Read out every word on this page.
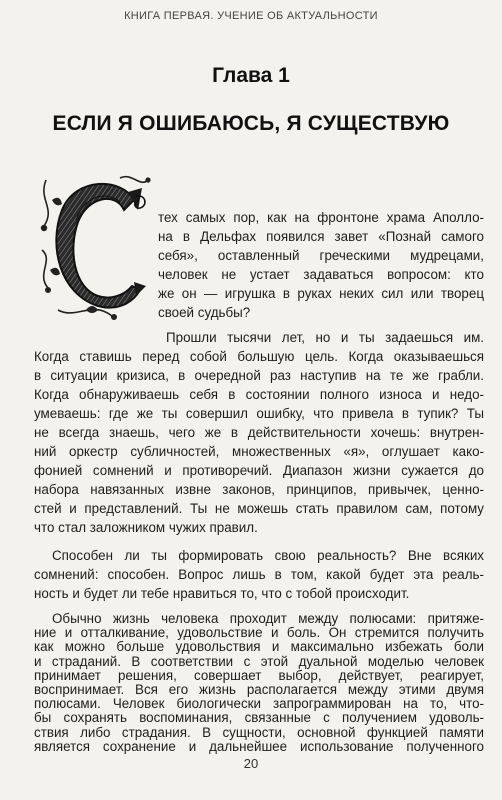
КНИГА ПЕРВАЯ. УЧЕНИЕ ОБ АКТУАЛЬНОСТИ
Глава 1
ЕСЛИ Я ОШИБАЮСЬ, Я СУЩЕСТВУЮ
тех самых пор, как на фронтоне храма Аполло-
на в Дельфах появился завет «Познай самого
себя», оставленный греческими мудрецами,
человек не устает задаваться вопросом: кто
же он — игрушка в руках неких сил или творец
своей судьбы?
Прошли тысячи лет, но и ты задаешься им.
Когда ставишь перед собой большую цель. Когда оказываешься
в ситуации кризиса, в очередной раз наступив на те же грабли.
Когда обнаруживаешь себя в состоянии полного износа и недо-
умеваешь: где же ты совершил ошибку, что привела в тупик? Ты
не всегда знаешь, чего же в действительности хочешь: внутрен-
ний оркестр субличностей, множественных «я», оглушает како-
фонией сомнений и противоречий. Диапазон жизни сужается до
набора навязанных извне законов, принципов, привычек, ценно-
стей и представлений. Ты не можешь стать правилом сам, потому
что стал заложником чужих правил.
Способен ли ты формировать свою реальность? Вне всяких
сомнений: способен. Вопрос лишь в том, какой будет эта реаль-
ность и будет ли тебе нравиться то, что с тобой происходит.
Обычно жизнь человека проходит между полюсами: притяже-
ние и отталкивание, удовольствие и боль. Он стремится получить
как можно больше удовольствия и максимально избежать боли
и страданий. В соответствии с этой дуальной моделью человек
принимает решения, совершает выбор, действует, реагирует,
воспринимает. Вся его жизнь располагается между этими двумя
полюсами. Человек биологически запрограммирован на то, что-
20
бы сохранять воспоминания, связанные с получением удоволь-
ствия либо страдания. В сущности, основной функцией памяти
является сохранение и дальнейшее использование полученного
